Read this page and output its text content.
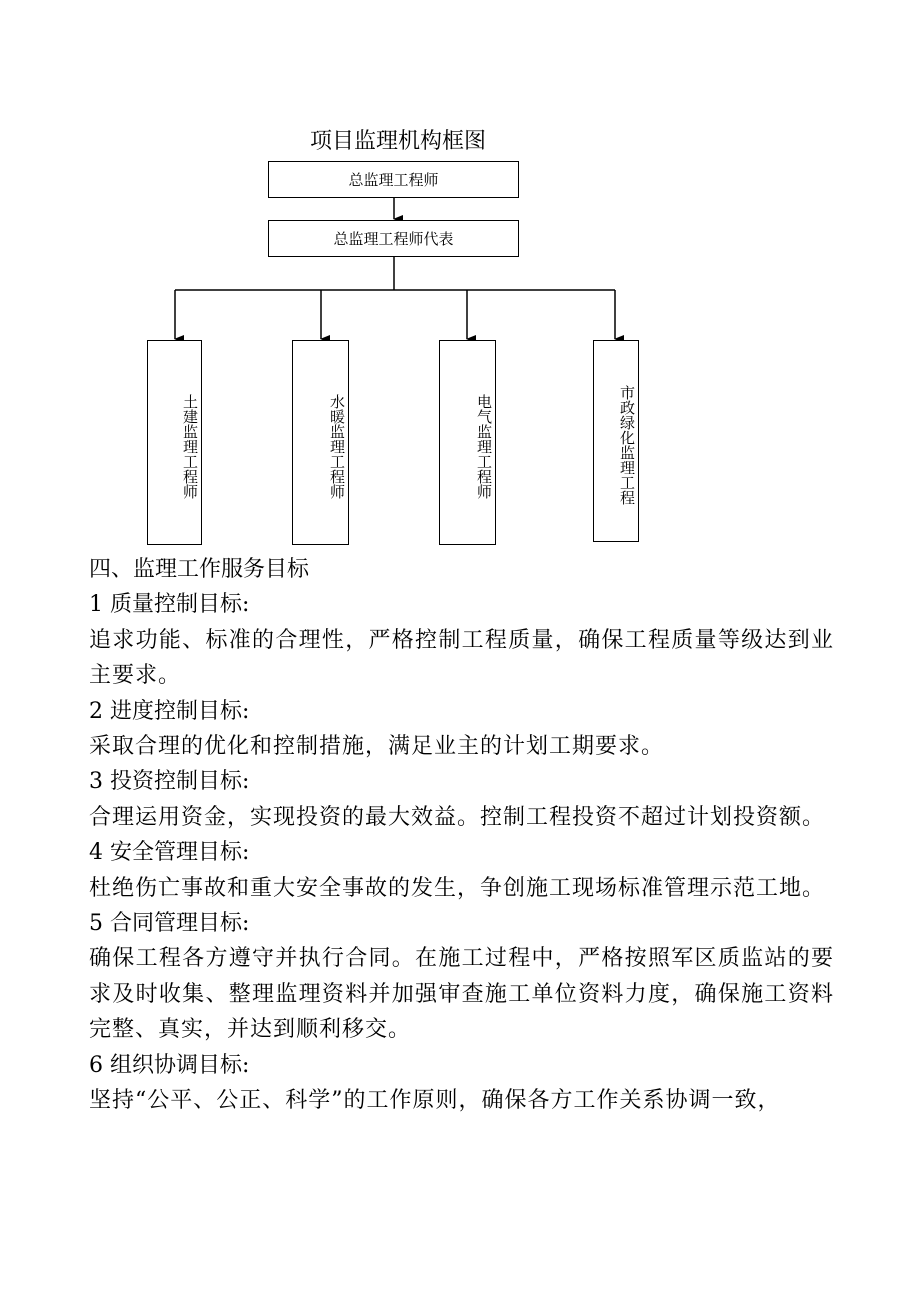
项目监理机构框图
总监理工程师
总监理工程师代表
土建监理工程师	水暖监理工程师	电气监理工程师	市政绿化监理工程

四、监理工作服务目标

1 质量控制目标:

追求功能、标准的合理性，严格控制工程质量，确保工程质量等级达到业主要求。

2 进度控制目标:

采取合理的优化和控制措施，满足业主的计划工期要求。

3 投资控制目标:

合理运用资金，实现投资的最大效益。控制工程投资不超过计划投资额。

4 安全管理目标:

杜绝伤亡事故和重大安全事故的发生，争创施工现场标准管理示范工地。

5 合同管理目标:

确保工程各方遵守并执行合同。在施工过程中，严格按照军区质监站的要求及时收集、整理监理资料并加强审查施工单位资料力度，确保施工资料完整、真实，并达到顺利移交。

6 组织协调目标:

坚持“公平、公正、科学”的工作原则，确保各方工作关系协调一致，
